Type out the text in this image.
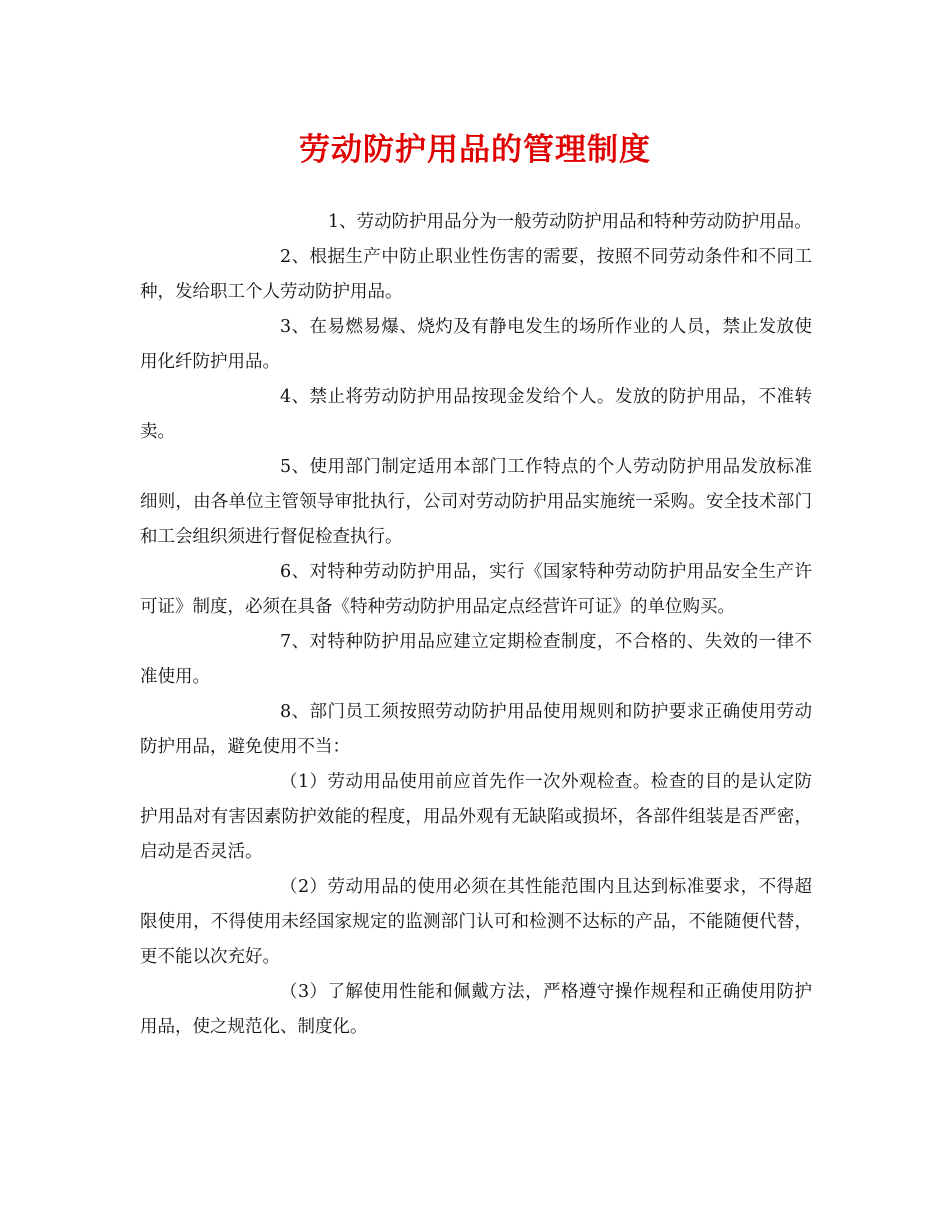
劳动防护用品的管理制度

1、劳动防护用品分为一般劳动防护用品和特种劳动防护用品。

2、根据生产中防止职业性伤害的需要，按照不同劳动条件和不同工种，发给职工个人劳动防护用品。

3、在易燃易爆、烧灼及有静电发生的场所作业的人员，禁止发放使用化纤防护用品。

4、禁止将劳动防护用品按现金发给个人。发放的防护用品，不准转卖。

5、使用部门制定适用本部门工作特点的个人劳动防护用品发放标准细则，由各单位主管领导审批执行，公司对劳动防护用品实施统一采购。安全技术部门和工会组织须进行督促检查执行。

6、对特种劳动防护用品，实行《国家特种劳动防护用品安全生产许可证》制度，必须在具备《特种劳动防护用品定点经营许可证》的单位购买。

7、对特种防护用品应建立定期检查制度，不合格的、失效的一律不准使用。

8、部门员工须按照劳动防护用品使用规则和防护要求正确使用劳动防护用品，避免使用不当：

（1）劳动用品使用前应首先作一次外观检查。检查的目的是认定防护用品对有害因素防护效能的程度，用品外观有无缺陷或损坏，各部件组装是否严密，启动是否灵活。

（2）劳动用品的使用必须在其性能范围内且达到标准要求，不得超限使用，不得使用未经国家规定的监测部门认可和检测不达标的产品，不能随便代替，更不能以次充好。

（3）了解使用性能和佩戴方法，严格遵守操作规程和正确使用防护用品，使之规范化、制度化。
